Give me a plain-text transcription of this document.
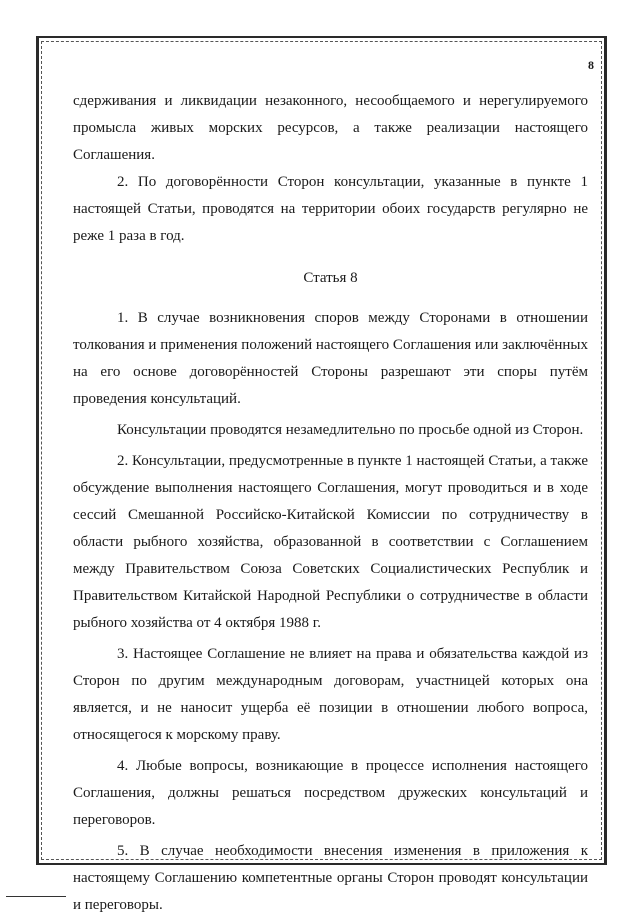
8

сдерживания и ликвидации незаконного, несообщаемого и нерегулируемого промысла живых морских ресурсов, а также реализации настоящего Соглашения.

2. По договорённости Сторон консультации, указанные в пункте 1 настоящей Статьи, проводятся на территории обоих государств регулярно не реже 1 раза в год.

Статья 8

1. В случае возникновения споров между Сторонами в отношении толкования и применения положений настоящего Соглашения или заключённых на его основе договорённостей Стороны разрешают эти споры путём проведения консультаций.

Консультации проводятся незамедлительно по просьбе одной из Сторон.

2. Консультации, предусмотренные в пункте 1 настоящей Статьи, а также обсуждение выполнения настоящего Соглашения, могут проводиться и в ходе сессий Смешанной Российско-Китайской Комиссии по сотрудничеству в области рыбного хозяйства, образованной в соответствии с Соглашением между Правительством Союза Советских Социалистических Республик и Правительством Китайской Народной Республики о сотрудничестве в области рыбного хозяйства от 4 октября 1988 г.

3. Настоящее Соглашение не влияет на права и обязательства каждой из Сторон по другим международным договорам, участницей которых она является, и не наносит ущерба её позиции в отношении любого вопроса, относящегося к морскому праву.

4. Любые вопросы, возникающие в процессе исполнения настоящего Соглашения, должны решаться посредством дружеских консультаций и переговоров.

5. В случае необходимости внесения изменения в приложения к настоящему Соглашению компетентные органы Сторон проводят консультации и переговоры.
